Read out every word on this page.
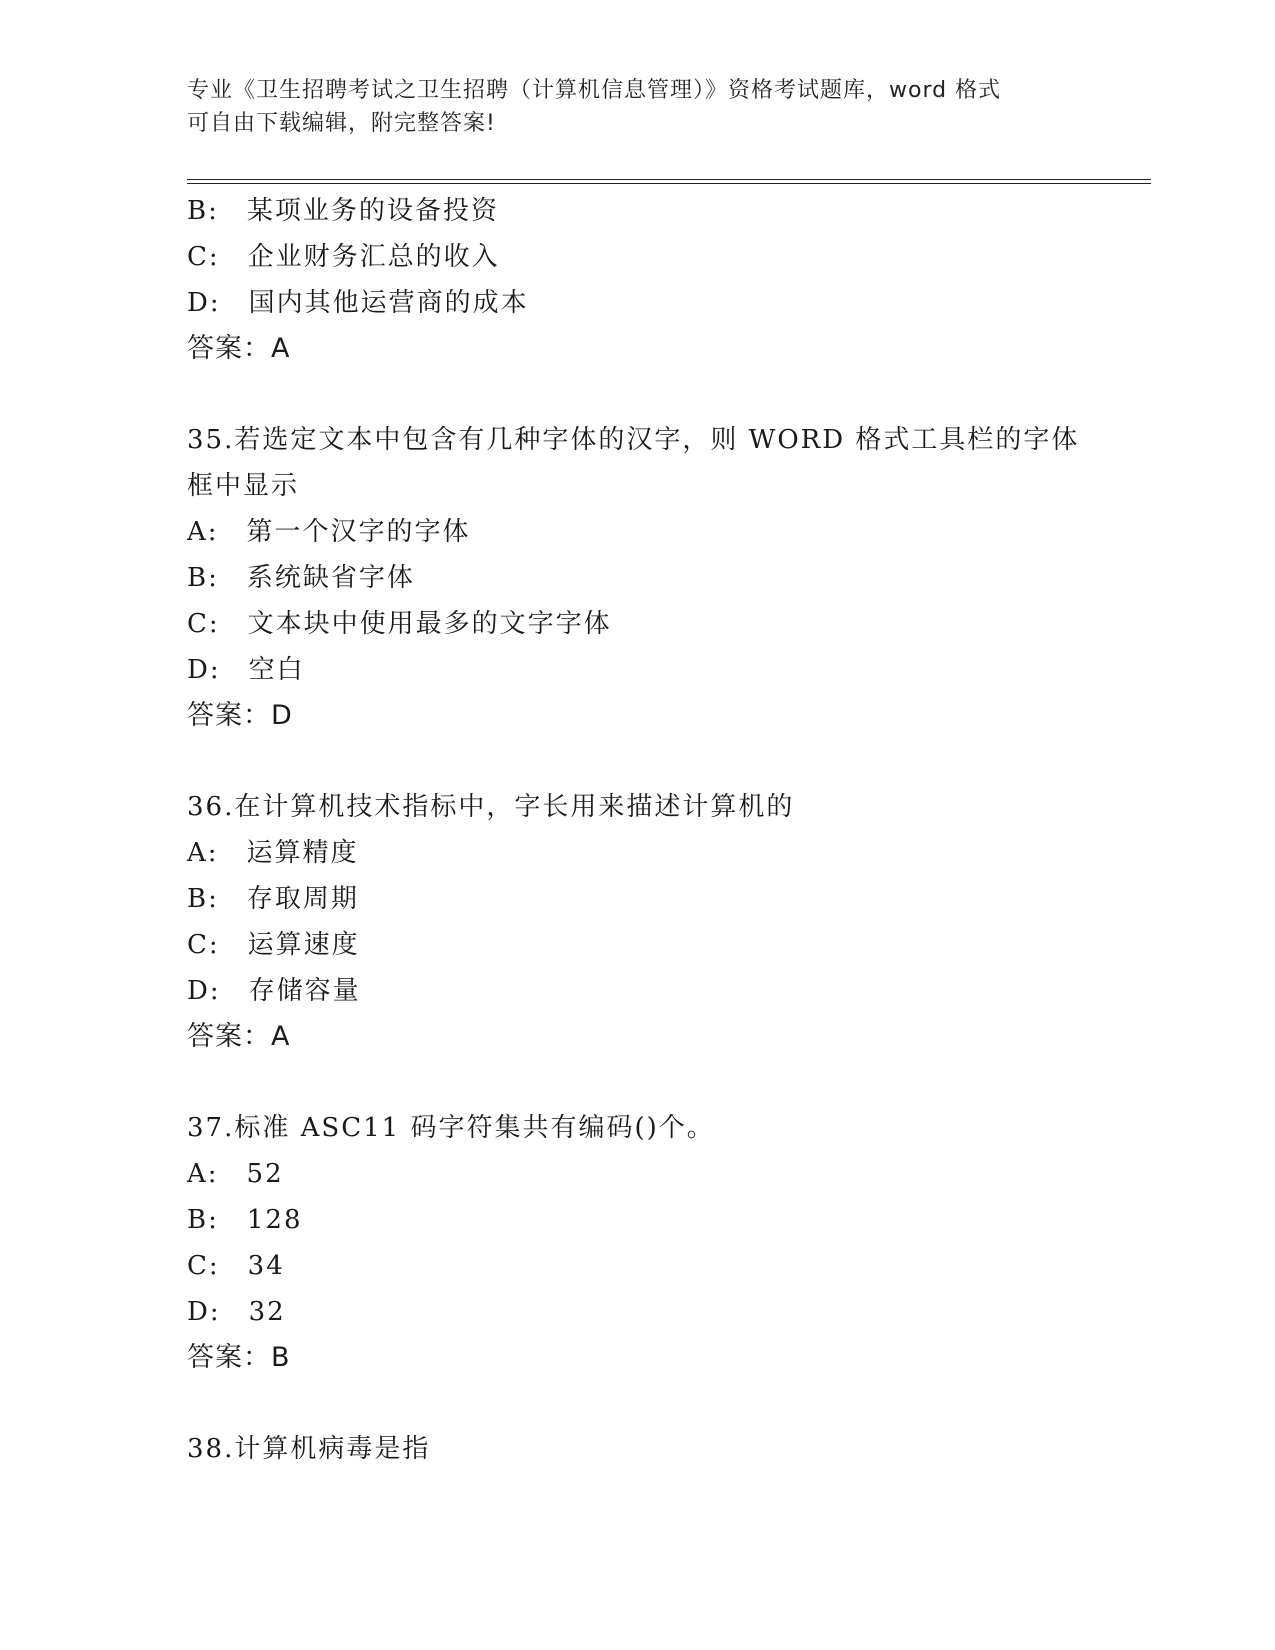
专业《卫生招聘考试之卫生招聘（计算机信息管理）》资格考试题库，word 格式
可自由下载编辑，附完整答案!
B:　某项业务的设备投资
C:　企业财务汇总的收入
D:　国内其他运营商的成本
答案：A
35.若选定文本中包含有几种字体的汉字，则 WORD 格式工具栏的字体
框中显示
A:　第一个汉字的字体
B:　系统缺省字体
C:　文本块中使用最多的文字字体
D:　空白
答案：D
36.在计算机技术指标中，字长用来描述计算机的
A:　运算精度
B:　存取周期
C:　运算速度
D:　存储容量
答案：A
37.标准 ASC11 码字符集共有编码()个。
A:　52
B:　128
C:　34
D:　32
答案：B
38.计算机病毒是指
